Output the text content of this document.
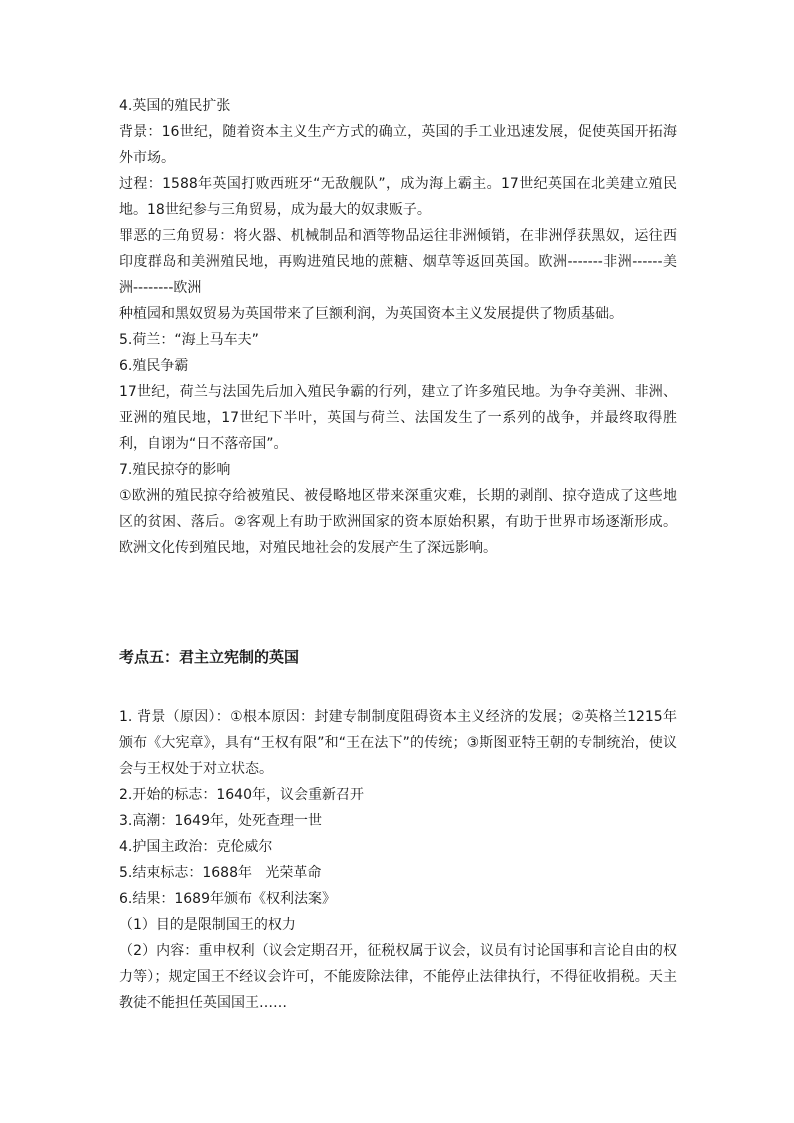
4.英国的殖民扩张
背景：16世纪，随着资本主义生产方式的确立，英国的手工业迅速发展，促使英国开拓海外市场。
过程：1588年英国打败西班牙“无敌舰队”，成为海上霸主。17世纪英国在北美建立殖民地。18世纪参与三角贸易，成为最大的奴隶贩子。
罪恶的三角贸易：将火器、机械制品和酒等物品运往非洲倾销，在非洲俘获黑奴，运往西印度群岛和美洲殖民地，再购进殖民地的蔗糖、烟草等返回英国。欧洲-------非洲------美洲--------欧洲
种植园和黑奴贸易为英国带来了巨额利润，为英国资本主义发展提供了物质基础。
5.荷兰：“海上马车夫”
6.殖民争霸
17世纪，荷兰与法国先后加入殖民争霸的行列，建立了许多殖民地。为争夺美洲、非洲、亚洲的殖民地，17世纪下半叶，英国与荷兰、法国发生了一系列的战争，并最终取得胜利，自诩为“日不落帝国”。
7.殖民掠夺的影响
①欧洲的殖民掠夺给被殖民、被侵略地区带来深重灾难，长期的剥削、掠夺造成了这些地区的贫困、落后。②客观上有助于欧洲国家的资本原始积累，有助于世界市场逐渐形成。欧洲文化传到殖民地，对殖民地社会的发展产生了深远影响。
考点五：君主立宪制的英国
1. 背景（原因）：①根本原因：封建专制制度阻碍资本主义经济的发展；②英格兰1215年颁布《大宪章》，具有“王权有限”和“王在法下”的传统；③斯图亚特王朝的专制统治，使议会与王权处于对立状态。
2.开始的标志：1640年，议会重新召开
3.高潮：1649年，处死查理一世
4.护国主政治：克伦威尔
5.结束标志：1688年   光荣革命
6.结果：1689年颁布《权利法案》
（1）目的是限制国王的权力
（2）内容：重申权利（议会定期召开，征税权属于议会，议员有讨论国事和言论自由的权力等）；规定国王不经议会许可，不能废除法律，不能停止法律执行，不得征收捐税。天主教徒不能担任英国国王……
